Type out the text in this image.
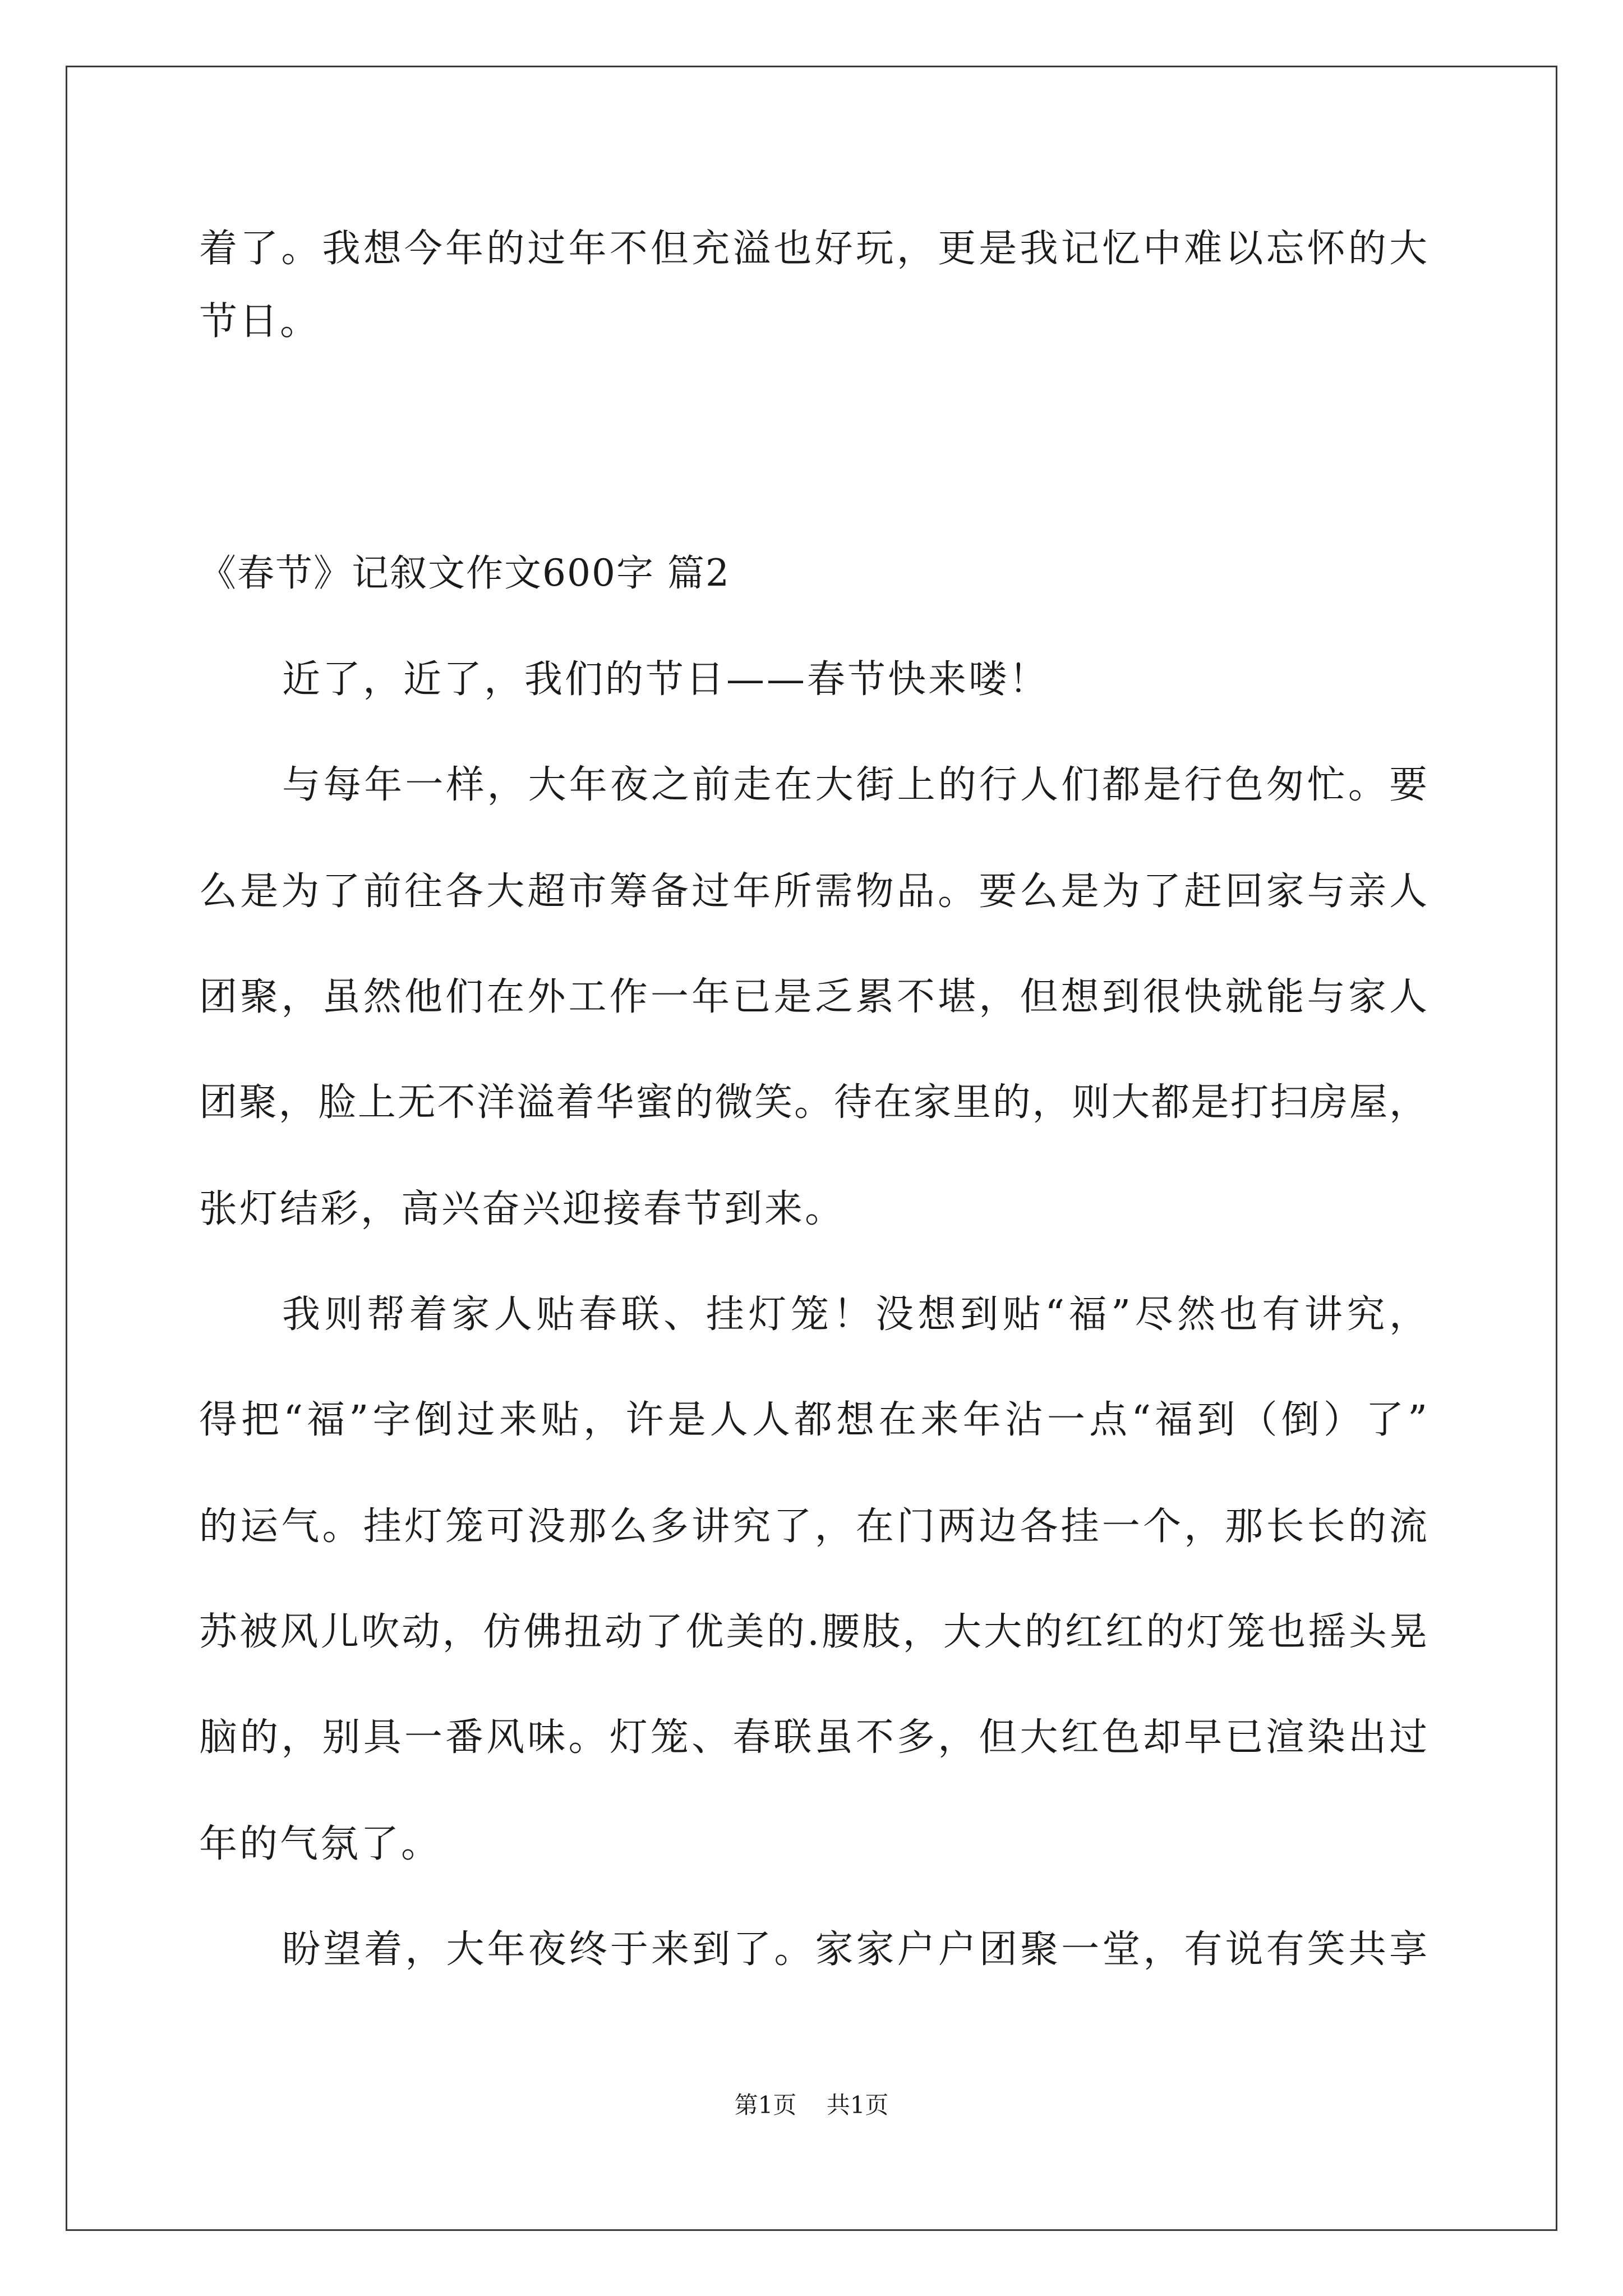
着了。我想今年的过年不但充溢也好玩，更是我记忆中难以忘怀的大
节日。
《春节》记叙文作文600字 篇2
近了，近了，我们的节日——春节快来喽！
与每年一样，大年夜之前走在大街上的行人们都是行色匆忙。要
么是为了前往各大超市筹备过年所需物品。要么是为了赶回家与亲人
团聚，虽然他们在外工作一年已是乏累不堪，但想到很快就能与家人
团聚，脸上无不洋溢着华蜜的微笑。待在家里的，则大都是打扫房屋，
张灯结彩，高兴奋兴迎接春节到来。
我则帮着家人贴春联、挂灯笼！没想到贴“福”尽然也有讲究，
得把“福”字倒过来贴，许是人人都想在来年沾一点“福到（倒）了”
的运气。挂灯笼可没那么多讲究了，在门两边各挂一个，那长长的流
苏被风儿吹动，仿佛扭动了优美的.腰肢，大大的红红的灯笼也摇头晃
脑的，别具一番风味。灯笼、春联虽不多，但大红色却早已渲染出过
年的气氛了。
盼望着，大年夜终于来到了。家家户户团聚一堂，有说有笑共享
第1页 共1页
